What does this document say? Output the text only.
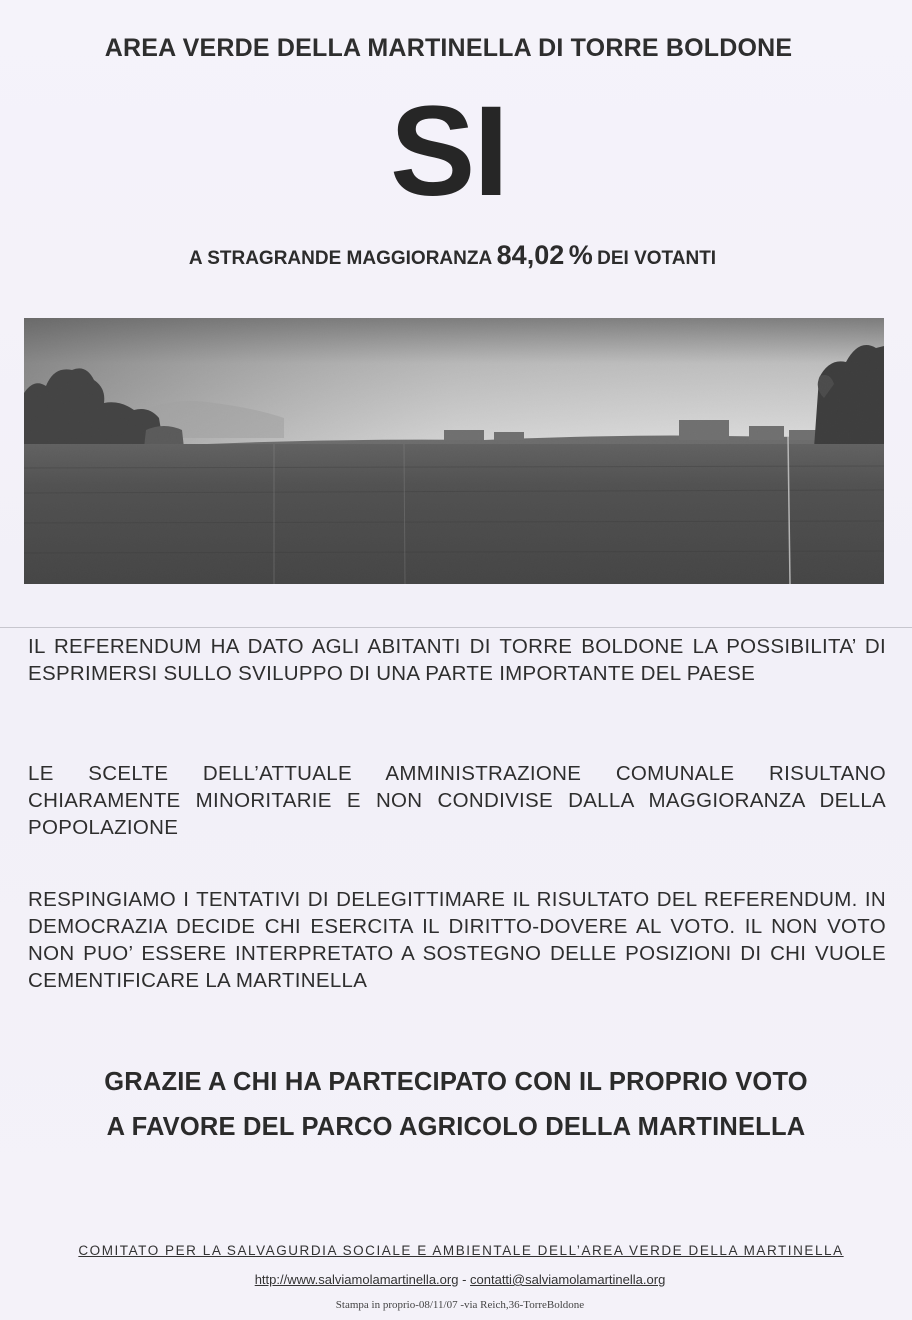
AREA VERDE DELLA MARTINELLA DI TORRE BOLDONE
SI
A STRAGRANDE MAGGIORANZA 84,02 % DEI VOTANTI
IL REFERENDUM HA DATO AGLI ABITANTI DI TORRE BOLDONE LA POSSIBILITA’ DI ESPRIMERSI SULLO SVILUPPO DI UNA PARTE IMPORTANTE DEL PAESE
LE SCELTE DELL’ATTUALE AMMINISTRAZIONE COMUNALE RISULTANO CHIARAMENTE MINORITARIE E NON CONDIVISE DALLA MAGGIORANZA DELLA POPOLAZIONE
RESPINGIAMO I TENTATIVI DI DELEGITTIMARE IL RISULTATO DEL REFERENDUM. IN DEMOCRAZIA DECIDE CHI ESERCITA IL DIRITTO-DOVERE AL VOTO. IL NON VOTO NON PUO’ ESSERE INTERPRETATO A SOSTEGNO DELLE POSIZIONI DI CHI VUOLE CEMENTIFICARE LA MARTINELLA
GRAZIE A CHI HA PARTECIPATO CON IL PROPRIO VOTO
A FAVORE DEL PARCO AGRICOLO DELLA MARTINELLA
COMITATO PER LA SALVAGURDIA SOCIALE E AMBIENTALE DELL’AREA VERDE DELLA MARTINELLA
http://www.salviamolamartinella.org - contatti@salviamolamartinella.org
Stampa in proprio-08/11/07 -via Reich,36-TorreBoldone
